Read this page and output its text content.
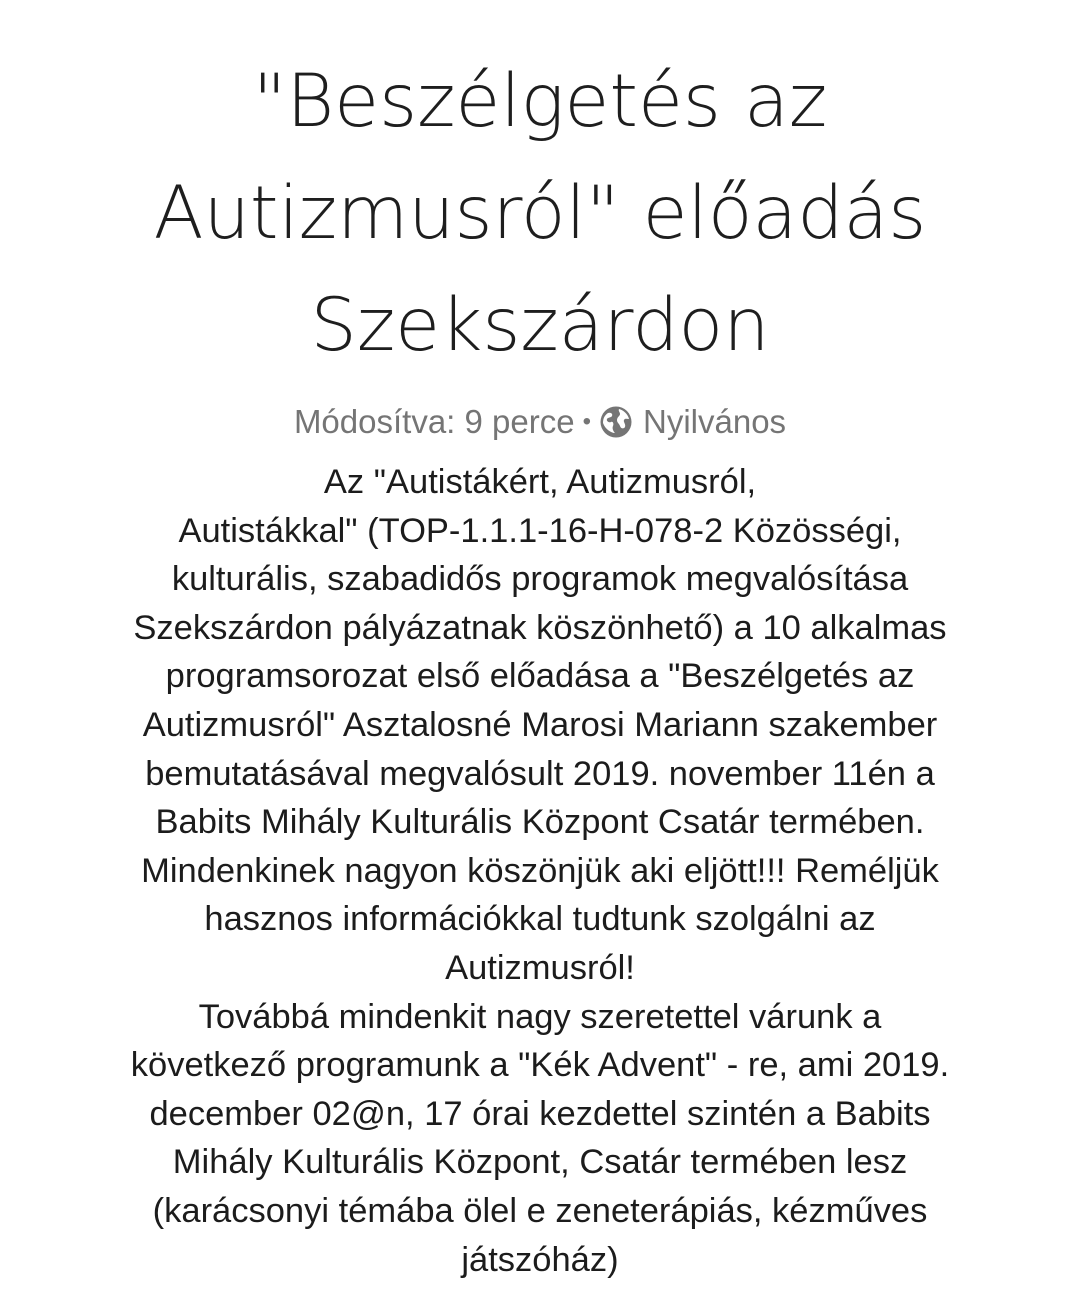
"Beszélgetés az
Autizmusról" előadás
Szekszárdon
Módosítva: 9 perce • Nyilvános
Az "Autistákért, Autizmusról,
Autistákkal" (TOP-1.1.1-16-H-078-2 Közösségi,
kulturális, szabadidős programok megvalósítása
Szekszárdon pályázatnak köszönhető) a 10 alkalmas
programsorozat első előadása a "Beszélgetés az
Autizmusról" Asztalosné Marosi Mariann szakember
bemutatásával megvalósult 2019. november 11én a
Babits Mihály Kulturális Központ Csatár termében.
Mindenkinek nagyon köszönjük aki eljött!!! Reméljük
hasznos információkkal tudtunk szolgálni az
Autizmusról!
Továbbá mindenkit nagy szeretettel várunk a
következő programunk a "Kék Advent" - re, ami 2019.
december 02@n, 17 órai kezdettel szintén a Babits
Mihály Kulturális Központ, Csatár termében lesz
(karácsonyi témába ölel e zeneterápiás, kézműves
játszóház)
